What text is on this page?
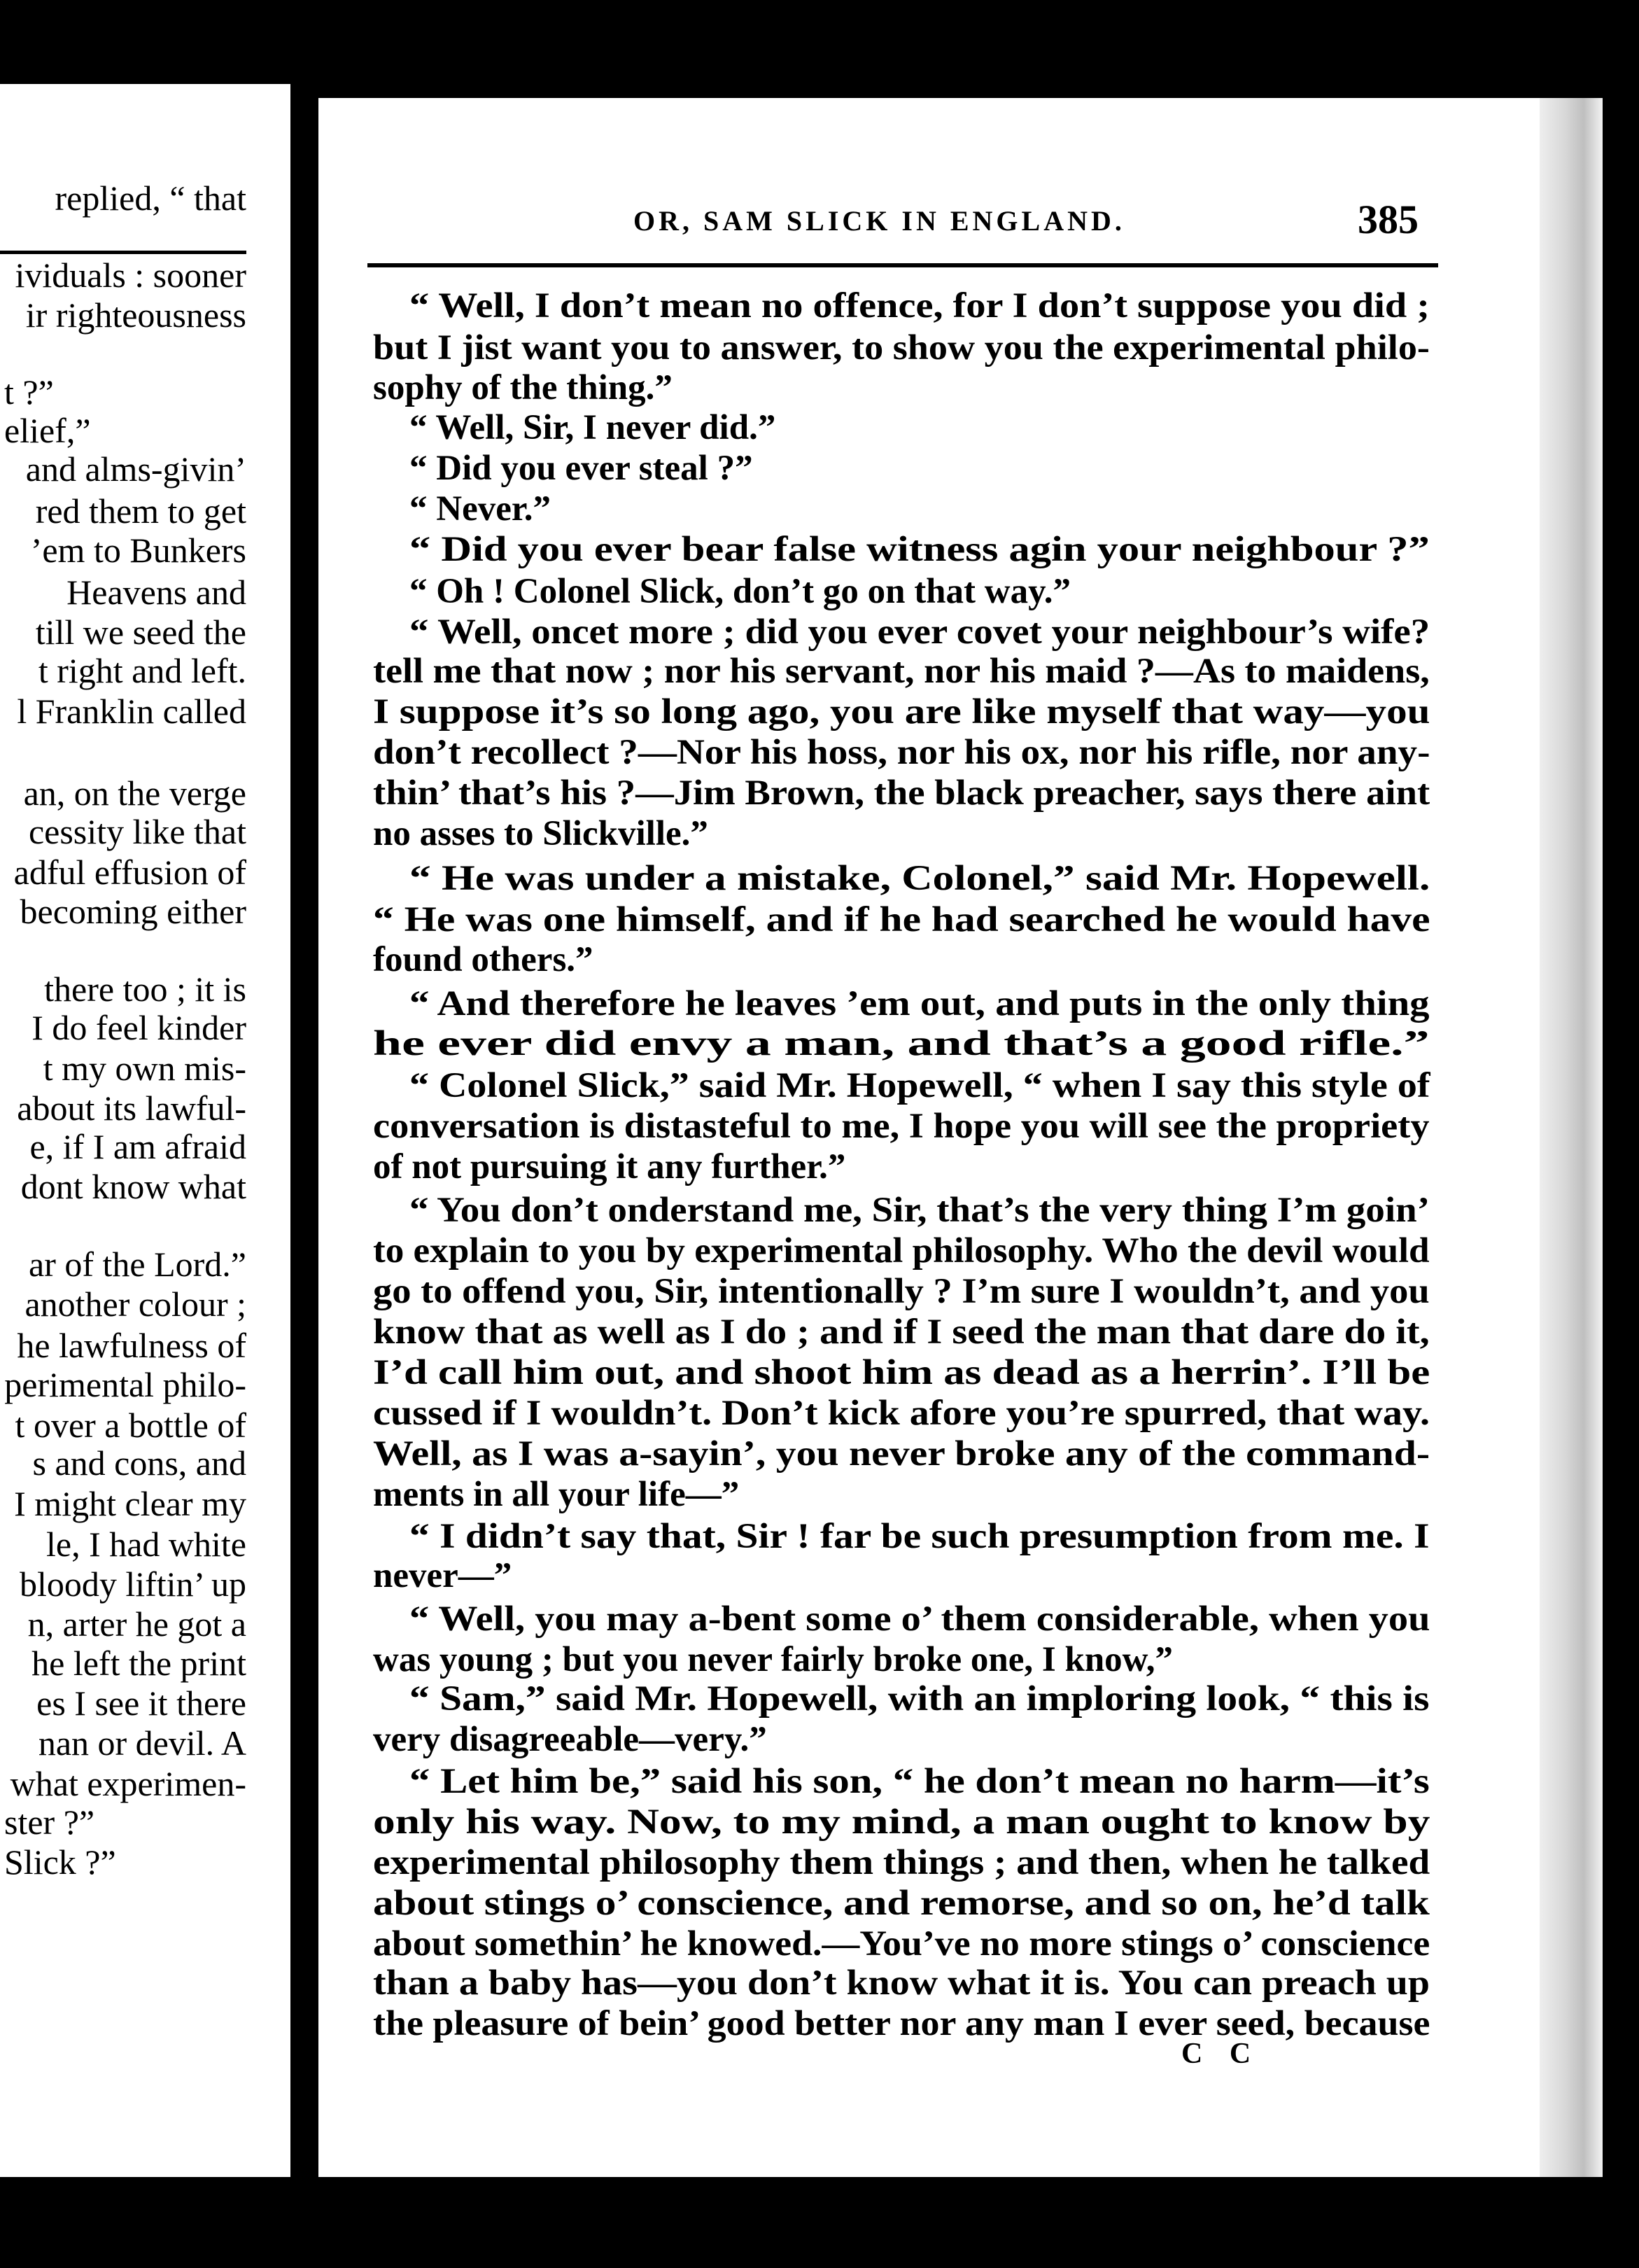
replied, “ that
ividuals : sooner
ir righteousness
t ?”
elief,”
and alms-givin’
red them to get
’em to Bunkers
Heavens and
till we seed the
t right and left.
l Franklin called
an, on the verge
cessity like that
adful effusion of
becoming either
there too ; it is
I do feel kinder
t my own mis-
about its lawful-
e, if I am afraid
dont know what
ar of the Lord.”
another colour ;
he lawfulness of
perimental philo-
t over a bottle of
s and cons, and
I might clear my
le, I had white
bloody liftin’ up
n, arter he got a
he left the print
es I see it there
nan or devil. A
what experimen-
ster ?”
Slick ?”
“ Well, I don’t mean no offence, for I don’t suppose you did ;
but I jist want you to answer, to show you the experimental philo-
sophy of the thing.”
“ Well, Sir, I never did.”
“ Did you ever steal ?”
“ Never.”
“ Did you ever bear false witness agin your neighbour ?”
“ Oh ! Colonel Slick, don’t go on that way.”
“ Well, oncet more ; did you ever covet your neighbour’s wife?
tell me that now ; nor his servant, nor his maid ?—As to maidens,
I suppose it’s so long ago, you are like myself that way—you
don’t recollect ?—Nor his hoss, nor his ox, nor his rifle, nor any-
thin’ that’s his ?—Jim Brown, the black preacher, says there aint
no asses to Slickville.”
“ He was under a mistake, Colonel,” said Mr. Hopewell.
“ He was one himself, and if he had searched he would have
found others.”
“ And therefore he leaves ’em out, and puts in the only thing
he ever did envy a man, and that’s a good rifle.”
“ Colonel Slick,” said Mr. Hopewell, “ when I say this style of
conversation is distasteful to me, I hope you will see the propriety
of not pursuing it any further.”
“ You don’t onderstand me, Sir, that’s the very thing I’m goin’
to explain to you by experimental philosophy. Who the devil would
go to offend you, Sir, intentionally ? I’m sure I wouldn’t, and you
know that as well as I do ; and if I seed the man that dare do it,
I’d call him out, and shoot him as dead as a herrin’. I’ll be
cussed if I wouldn’t. Don’t kick afore you’re spurred, that way.
Well, as I was a-sayin’, you never broke any of the command-
ments in all your life—”
“ I didn’t say that, Sir ! far be such presumption from me. I
never—”
“ Well, you may a-bent some o’ them considerable, when you
was young ; but you never fairly broke one, I know,”
“ Sam,” said Mr. Hopewell, with an imploring look, “ this is
very disagreeable—very.”
“ Let him be,” said his son, “ he don’t mean no harm—it’s
only his way. Now, to my mind, a man ought to know by
experimental philosophy them things ; and then, when he talked
about stings o’ conscience, and remorse, and so on, he’d talk
about somethin’ he knowed.—You’ve no more stings o’ conscience
than a baby has—you don’t know what it is. You can preach up
the pleasure of bein’ good better nor any man I ever seed, because
OR, SAM SLICK IN ENGLAND.	385
C C
